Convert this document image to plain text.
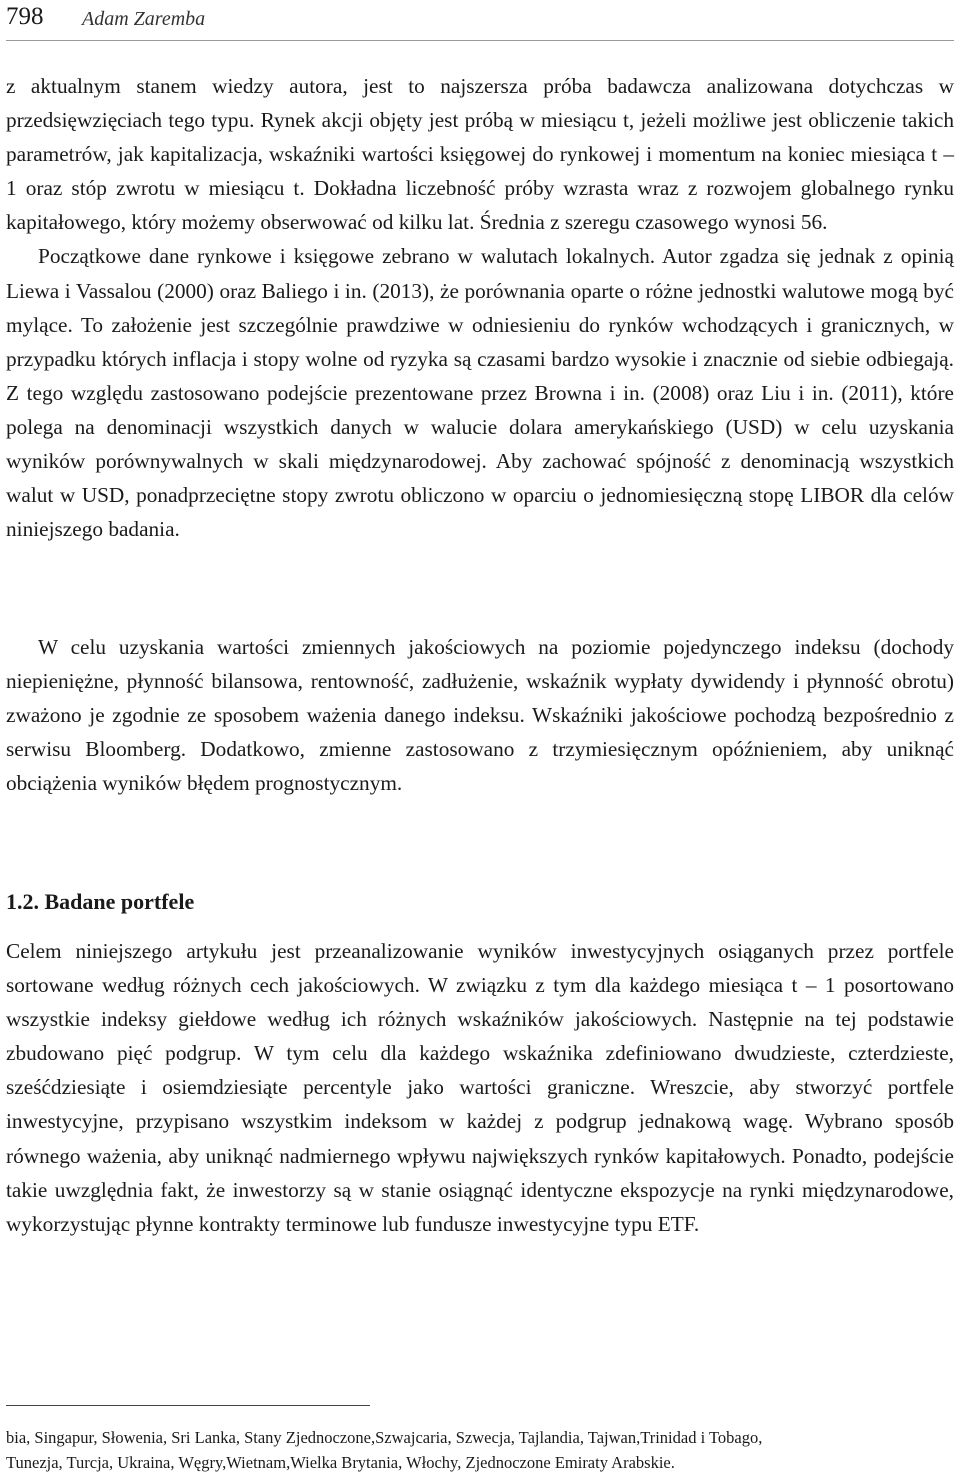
798 Adam Zaremba

z aktualnym stanem wiedzy autora, jest to najszersza próba badawcza analizowana dotychczas w przedsięwzięciach tego typu. Rynek akcji objęty jest próbą w miesiącu t, jeżeli możliwe jest obliczenie takich parametrów, jak kapitalizacja, wskaźniki wartości księgowej do rynkowej i momentum na koniec miesiąca t – 1 oraz stóp zwrotu w miesiącu t. Dokładna liczebność próby wzrasta wraz z rozwojem globalnego rynku kapitałowego, który możemy obserwować od kilku lat. Średnia z szeregu czasowego wynosi 56.

Początkowe dane rynkowe i księgowe zebrano w walutach lokalnych. Autor zgadza się jednak z opinią Liewa i Vassalou (2000) oraz Baliego i in. (2013), że porównania oparte o różne jednostki walutowe mogą być mylące. To założenie jest szczególnie prawdziwe w odniesieniu do rynków wchodzących i granicznych, w przypadku których inflacja i stopy wolne od ryzyka są czasami bardzo wysokie i znacznie od siebie odbiegają. Z tego względu zastosowano podejście prezentowane przez Browna i in. (2008) oraz Liu i in. (2011), które polega na denominacji wszystkich danych w walucie dolara amerykańskiego (USD) w celu uzyskania wyników porównywalnych w skali międzynarodowej. Aby zachować spójność z denominacją wszystkich walut w USD, ponadprzeciętne stopy zwrotu obliczono w oparciu o jednomiesięczną stopę LIBOR dla celów niniejszego badania.

W celu uzyskania wartości zmiennych jakościowych na poziomie pojedynczego indeksu (dochody niepieniężne, płynność bilansowa, rentowność, zadłużenie, wskaźnik wypłaty dywidendy i płynność obrotu) zważono je zgodnie ze sposobem ważenia danego indeksu. Wskaźniki jakościowe pochodzą bezpośrednio z serwisu Bloomberg. Dodatkowo, zmienne zastosowano z trzymiesięcznym opóźnieniem, aby uniknąć obciążenia wyników błędem prognostycznym.

1.2. Badane portfele

Celem niniejszego artykułu jest przeanalizowanie wyników inwestycyjnych osiąganych przez portfele sortowane według różnych cech jakościowych. W związku z tym dla każdego miesiąca t – 1 posortowano wszystkie indeksy giełdowe według ich różnych wskaźników jakościowych. Następnie na tej podstawie zbudowano pięć podgrup. W tym celu dla każdego wskaźnika zdefiniowano dwudzieste, czterdzieste, sześćdziesiąte i osiemdziesiąte percentyle jako wartości graniczne. Wreszcie, aby stworzyć portfele inwestycyjne, przypisano wszystkim indeksom w każdej z podgrup jednakową wagę. Wybrano sposób równego ważenia, aby uniknąć nadmiernego wpływu największych rynków kapitałowych. Ponadto, podejście takie uwzględnia fakt, że inwestorzy są w stanie osiągnąć identyczne ekspozycje na rynki międzynarodowe, wykorzystując płynne kontrakty terminowe lub fundusze inwestycyjne typu ETF.

bia, Singapur, Słowenia, Sri Lanka, Stany Zjednoczone,Szwajcaria, Szwecja, Tajlandia, Tajwan,Trinidad i Tobago,
Tunezja, Turcja, Ukraina, Węgry,Wietnam,Wielka Brytania, Włochy, Zjednoczone Emiraty Arabskie.
